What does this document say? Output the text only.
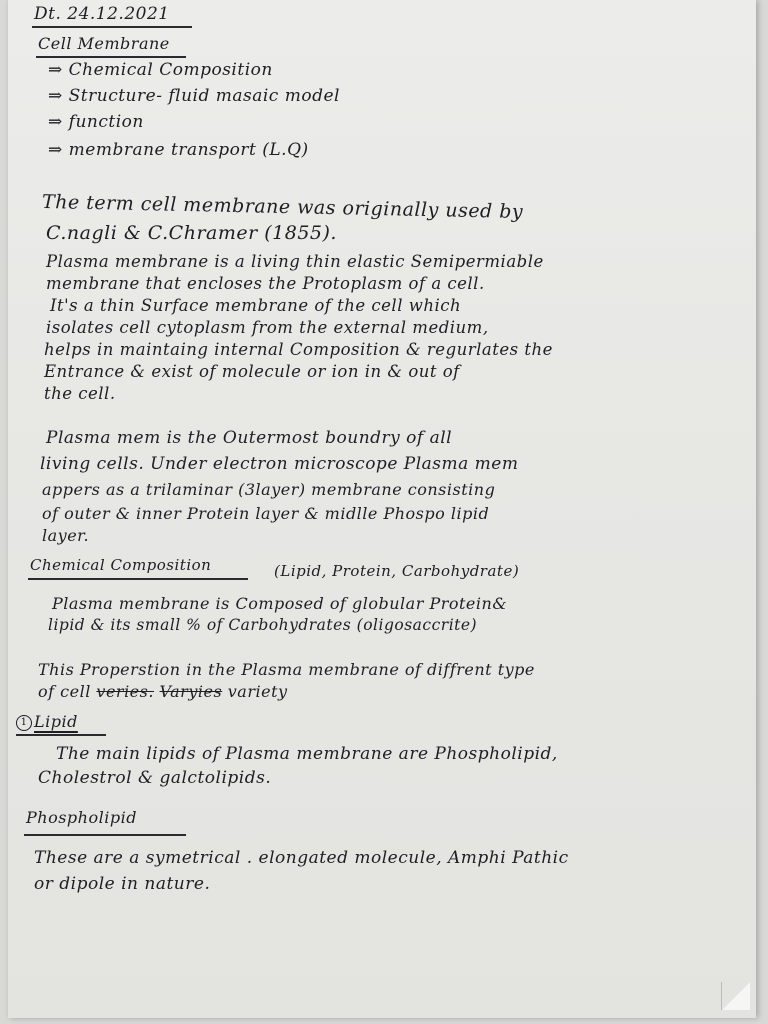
Dt. 24.12.2021
Cell Membrane
⇒ Chemical Composition
⇒ Structure- fluid masaic model
⇒ function
⇒ membrane transport (L.Q)
The term cell membrane was originally used by
C.nagli & C.Chramer (1855).
Plasma membrane is a living thin elastic Semipermiable
membrane that encloses the Protoplasm of a cell.
It's a thin Surface membrane of the cell which
isolates cell cytoplasm from the external medium,
helps in maintaing internal Composition & regurlates the
Entrance & exist of molecule or ion in & out of
the cell.
Plasma mem is the Outermost boundry of all
living cells. Under electron microscope Plasma mem
appers as a trilaminar (3layer) membrane consisting
of outer & inner Protein layer & midlle Phospo lipid
layer.
Chemical Composition	(Lipid, Protein, Carbohydrate)
Plasma membrane is Composed of globular Protein&
lipid & its small % of Carbohydrates (oligosaccrite)
This Properstion in the Plasma membrane of diffrent type
of cell veries. Varyies variety
1 Lipid
The main lipids of Plasma membrane are Phospholipid,
Cholestrol & galctolipids.
Phospholipid
These are a symetrical . elongated molecule, Amphi Pathic
or dipole in nature.
